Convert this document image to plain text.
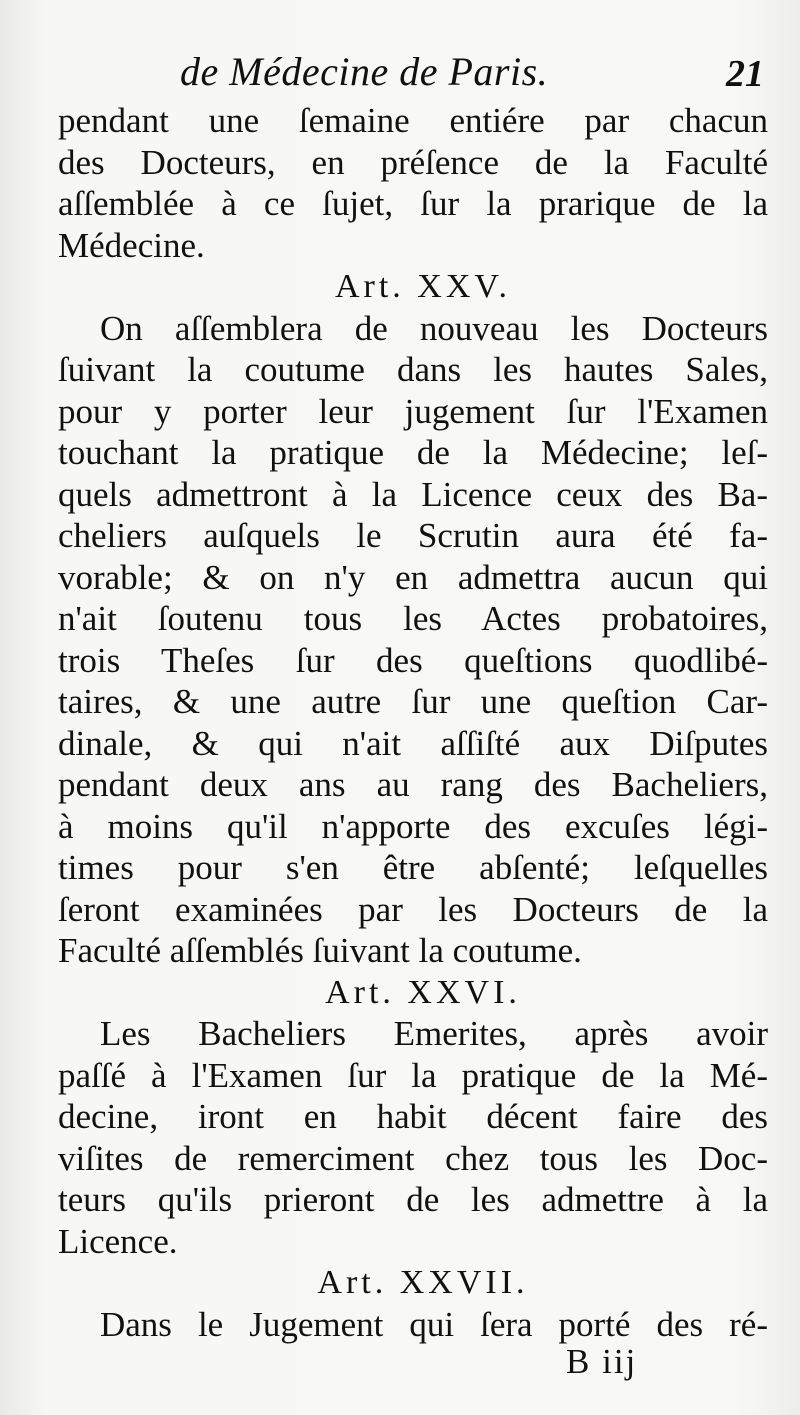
de Médecine de Paris.	21
pendant une ſemaine entiére par chacun
des Docteurs, en préſence de la Faculté
aſſemblée à ce ſujet, ſur la prarique de la
Médecine.
Art. XXV.
On aſſemblera de nouveau les Docteurs
ſuivant la coutume dans les hautes Sales,
pour y porter leur jugement ſur l'Examen
touchant la pratique de la Médecine; leſ-
quels admettront à la Licence ceux des Ba-
cheliers auſquels le Scrutin aura été fa-
vorable; & on n'y en admettra aucun qui
n'ait ſoutenu tous les Actes probatoires,
trois Theſes ſur des queſtions quodlibé-
taires, & une autre ſur une queſtion Car-
dinale, & qui n'ait aſſiſté aux Diſputes
pendant deux ans au rang des Bacheliers,
à moins qu'il n'apporte des excuſes légi-
times pour s'en être abſenté; leſquelles
ſeront examinées par les Docteurs de la
Faculté aſſemblés ſuivant la coutume.
Art. XXVI.
Les Bacheliers Emerites, après avoir
paſſé à l'Examen ſur la pratique de la Mé-
decine, iront en habit décent faire des
viſites de remerciment chez tous les Doc-
teurs qu'ils prieront de les admettre à la
Licence.
Art. XXVII.
Dans le Jugement qui ſera porté des ré-
B iij
